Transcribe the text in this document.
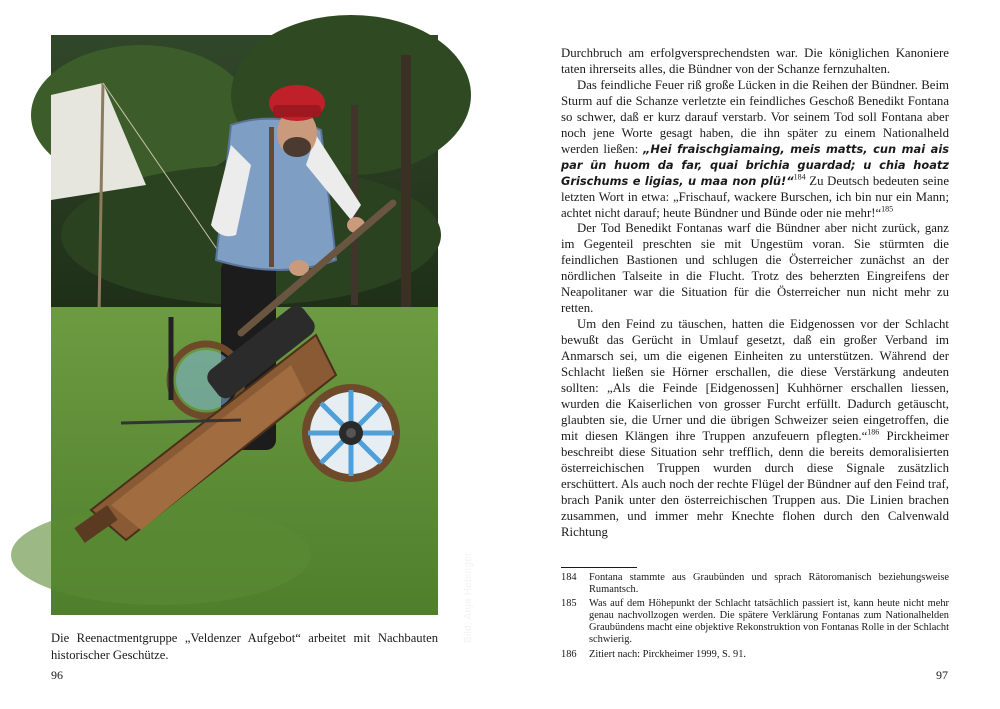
Bild: Anja Hebinger

Die Reenactmentgruppe „Veldenzer Aufgebot“ arbeitet mit Nachbauten historischer Geschütze.

96

Durchbruch am erfolgversprechendsten war. Die königlichen Kanoniere taten ihrerseits alles, die Bündner von der Schanze fernzuhalten.

Das feindliche Feuer riß große Lücken in die Reihen der Bündner. Beim Sturm auf die Schanze verletzte ein feindliches Geschoß Benedikt Fontana so schwer, daß er kurz darauf verstarb. Vor seinem Tod soll Fontana aber noch jene Worte gesagt haben, die ihn später zu einem Nationalheld werden ließen: „Hei fraischgiamaing, meis matts, cun mai ais par ün huom da far, quai brichia guardad; u chia hoatz Grischums e ligias, u maa non plü!“$^{184}$ Zu Deutsch bedeuten seine letzten Wort in etwa: „Frischauf, wackere Burschen, ich bin nur ein Mann; achtet nicht darauf; heute Bündner und Bünde oder nie mehr!“$^{185}$

Der Tod Benedikt Fontanas warf die Bündner aber nicht zurück, ganz im Gegenteil preschten sie mit Ungestüm voran. Sie stürmten die feindlichen Bastionen und schlugen die Österreicher zunächst an der nördlichen Talseite in die Flucht. Trotz des beherzten Eingreifens der Neapolitaner war die Situation für die Österreicher nun nicht mehr zu retten.

Um den Feind zu täuschen, hatten die Eidgenossen vor der Schlacht bewußt das Gerücht in Umlauf gesetzt, daß ein großer Verband im Anmarsch sei, um die eigenen Einheiten zu unterstützen. Während der Schlacht ließen sie Hörner erschallen, die diese Verstärkung andeuten sollten: „Als die Feinde [Eidgenossen] Kuhhörner erschallen liessen, wurden die Kaiserlichen von grosser Furcht erfüllt. Dadurch getäuscht, glaubten sie, die Urner und die übrigen Schweizer seien eingetroffen, die mit diesen Klängen ihre Truppen anzufeuern pflegten.“$^{186}$ Pirckheimer beschreibt diese Situation sehr trefflich, denn die bereits demoralisierten österreichischen Truppen wurden durch diese Signale zusätzlich erschüttert. Als auch noch der rechte Flügel der Bündner auf den Feind traf, brach Panik unter den österreichischen Truppen aus. Die Linien brachen zusammen, und immer mehr Knechte flohen durch den Calvenwald Richtung

184	Fontana stammte aus Graubünden und sprach Rätoromanisch beziehungsweise Rumantsch.
185	Was auf dem Höhepunkt der Schlacht tatsächlich passiert ist, kann heute nicht mehr genau nachvollzogen werden. Die spätere Verklärung Fontanas zum Nationalhelden Graubündens macht eine objektive Rekonstruktion von Fontanas Rolle in der Schlacht schwierig.
186	Zitiert nach: Pirckheimer 1999, S. 91.
97
